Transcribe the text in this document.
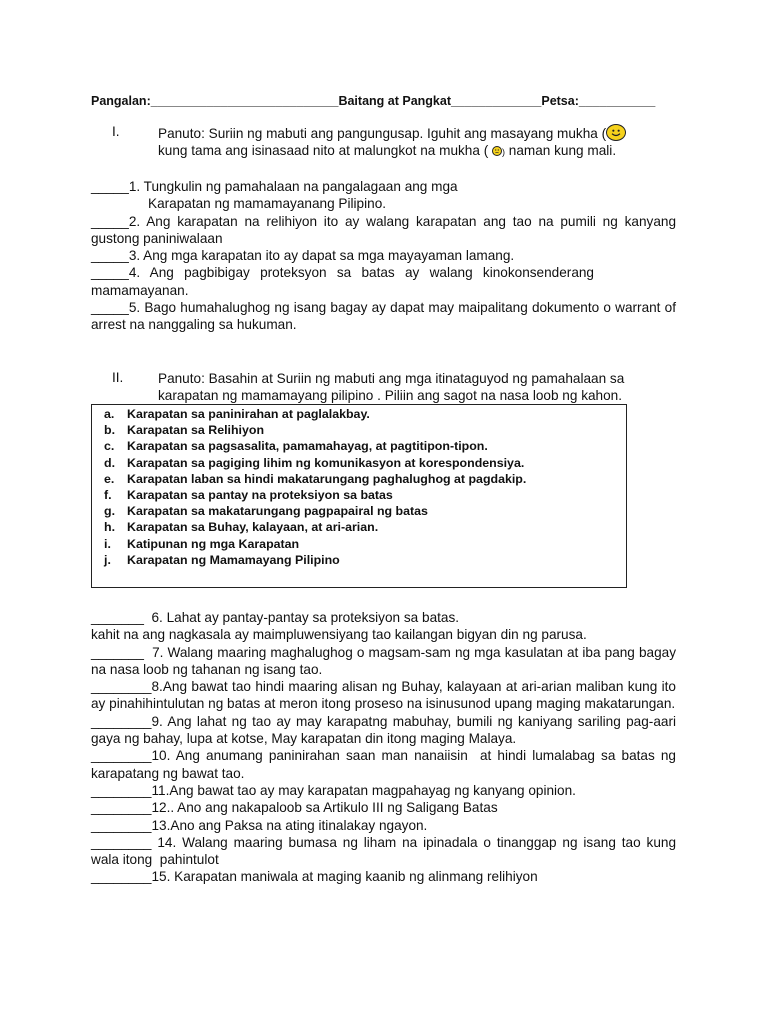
Pangalan:___________________________Baitang at Pangkat_____________Petsa:___________
I.	Panuto: Suriin ng mabuti ang pangungusap. Iguhit ang masayang mukha (
kung tama ang isinasaad nito at malungkot na mukha ( ) naman kung mali.

_____1. Tungkulin ng pamahalaan na pangalagaan ang mga

Karapatan ng mamamayanang Pilipino.

_____2. Ang karapatan na relihiyon ito ay walang karapatan ang tao na pumili ng kanyang gustong paniniwalaan

_____3. Ang mga karapatan ito ay dapat sa mga mayayaman lamang.

_____4. Ang pagbibigay proteksyon sa batas ay walang kinokonsenderang mamamayanan.

_____5. Bago humahalughog ng isang bagay ay dapat may maipalitang dokumento o warrant of arrest na nanggaling sa hukuman.

II.	Panuto: Basahin at Suriin ng mabuti ang mga itinataguyod ng pamahalaan sa
karapatan ng mamamayang pilipino . Piliin ang sagot na nasa loob ng kahon.
a.	Karapatan sa paninirahan at paglalakbay.
b. Karapatan sa Relihiyon
c.	Karapatan sa pagsasalita, pamamahayag, at pagtitipon-tipon.
d. Karapatan sa pagiging lihim ng komunikasyon at korespondensiya.
e.	Karapatan laban sa hindi makatarungang paghalughog at pagdakip.
f.	Karapatan sa pantay na proteksiyon sa batas
g. Karapatan sa makatarungang pagpapairal ng batas
h. Karapatan sa Buhay, kalayaan, at ari-arian.
i.	Katipunan ng mga Karapatan
j.	Karapatan ng Mamamayang Pilipino

_______  6. Lahat ay pantay-pantay sa proteksiyon sa batas.

kahit na ang nagkasala ay maimpluwensiyang tao kailangan bigyan din ng parusa.

_______  7. Walang maaring maghalughog o magsam-sam ng mga kasulatan at iba pang bagay na nasa loob ng tahanan ng isang tao.

________8.Ang bawat tao hindi maaring alisan ng Buhay, kalayaan at ari-arian maliban kung ito ay pinahihintulutan ng batas at meron itong proseso na isinusunod upang maging makatarungan.

________9. Ang lahat ng tao ay may karapatng mabuhay, bumili ng kaniyang sariling pag-aari gaya ng bahay, lupa at kotse, May karapatan din itong maging Malaya.

________10. Ang anumang paninirahan saan man nanaiisin  at hindi lumalabag sa batas ng karapatang ng bawat tao.

________11.Ang bawat tao ay may karapatan magpahayag ng kanyang opinion.

________12.. Ano ang nakapaloob sa Artikulo III ng Saligang Batas

________13.Ano ang Paksa na ating itinalakay ngayon.

________ 14. Walang maaring bumasa ng liham na ipinadala o tinanggap ng isang tao kung wala itong  pahintulot

________15. Karapatan maniwala at maging kaanib ng alinmang relihiyon
